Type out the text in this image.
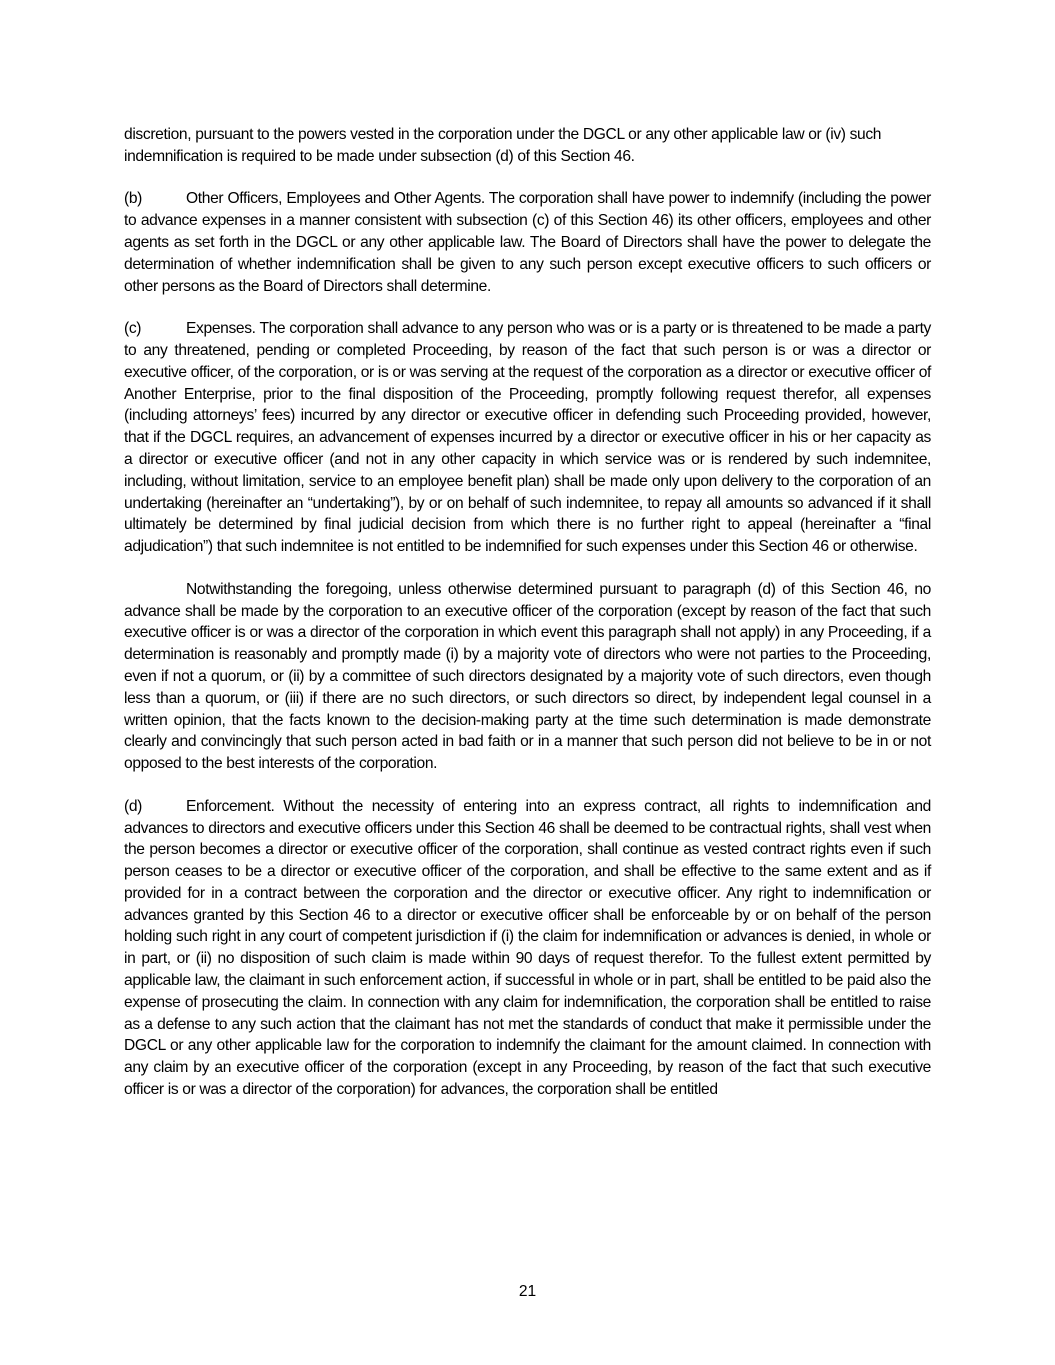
discretion, pursuant to the powers vested in the corporation under the DGCL or any other applicable law or (iv) such indemnification is required to be made under subsection (d) of this Section 46.

(b)	Other Officers, Employees and Other Agents. The corporation shall have power to indemnify (including the power to advance expenses in a manner consistent with subsection (c) of this Section 46) its other officers, employees and other agents as set forth in the DGCL or any other applicable law. The Board of Directors shall have the power to delegate the determination of whether indemnification shall be given to any such person except executive officers to such officers or other persons as the Board of Directors shall determine.

(c)	Expenses. The corporation shall advance to any person who was or is a party or is threatened to be made a party to any threatened, pending or completed Proceeding, by reason of the fact that such person is or was a director or executive officer, of the corporation, or is or was serving at the request of the corporation as a director or executive officer of Another Enterprise, prior to the final disposition of the Proceeding, promptly following request therefor, all expenses (including attorneys’ fees) incurred by any director or executive officer in defending such Proceeding provided, however, that if the DGCL requires, an advancement of expenses incurred by a director or executive officer in his or her capacity as a director or executive officer (and not in any other capacity in which service was or is rendered by such indemnitee, including, without limitation, service to an employee benefit plan) shall be made only upon delivery to the corporation of an undertaking (hereinafter an “undertaking”), by or on behalf of such indemnitee, to repay all amounts so advanced if it shall ultimately be determined by final judicial decision from which there is no further right to appeal (hereinafter a “final adjudication”) that such indemnitee is not entitled to be indemnified for such expenses under this Section 46 or otherwise.

Notwithstanding the foregoing, unless otherwise determined pursuant to paragraph (d) of this Section 46, no advance shall be made by the corporation to an executive officer of the corporation (except by reason of the fact that such executive officer is or was a director of the corporation in which event this paragraph shall not apply) in any Proceeding, if a determination is reasonably and promptly made (i) by a majority vote of directors who were not parties to the Proceeding, even if not a quorum, or (ii) by a committee of such directors designated by a majority vote of such directors, even though less than a quorum, or (iii) if there are no such directors, or such directors so direct, by independent legal counsel in a written opinion, that the facts known to the decision-making party at the time such determination is made demonstrate clearly and convincingly that such person acted in bad faith or in a manner that such person did not believe to be in or not opposed to the best interests of the corporation.

(d)	Enforcement. Without the necessity of entering into an express contract, all rights to indemnification and advances to directors and executive officers under this Section 46 shall be deemed to be contractual rights, shall vest when the person becomes a director or executive officer of the corporation, shall continue as vested contract rights even if such person ceases to be a director or executive officer of the corporation, and shall be effective to the same extent and as if provided for in a contract between the corporation and the director or executive officer. Any right to indemnification or advances granted by this Section 46 to a director or executive officer shall be enforceable by or on behalf of the person holding such right in any court of competent jurisdiction if (i) the claim for indemnification or advances is denied, in whole or in part, or (ii) no disposition of such claim is made within 90 days of request therefor. To the fullest extent permitted by applicable law, the claimant in such enforcement action, if successful in whole or in part, shall be entitled to be paid also the expense of prosecuting the claim. In connection with any claim for indemnification, the corporation shall be entitled to raise as a defense to any such action that the claimant has not met the standards of conduct that make it permissible under the DGCL or any other applicable law for the corporation to indemnify the claimant for the amount claimed. In connection with any claim by an executive officer of the corporation (except in any Proceeding, by reason of the fact that such executive officer is or was a director of the corporation) for advances, the corporation shall be entitled

21
